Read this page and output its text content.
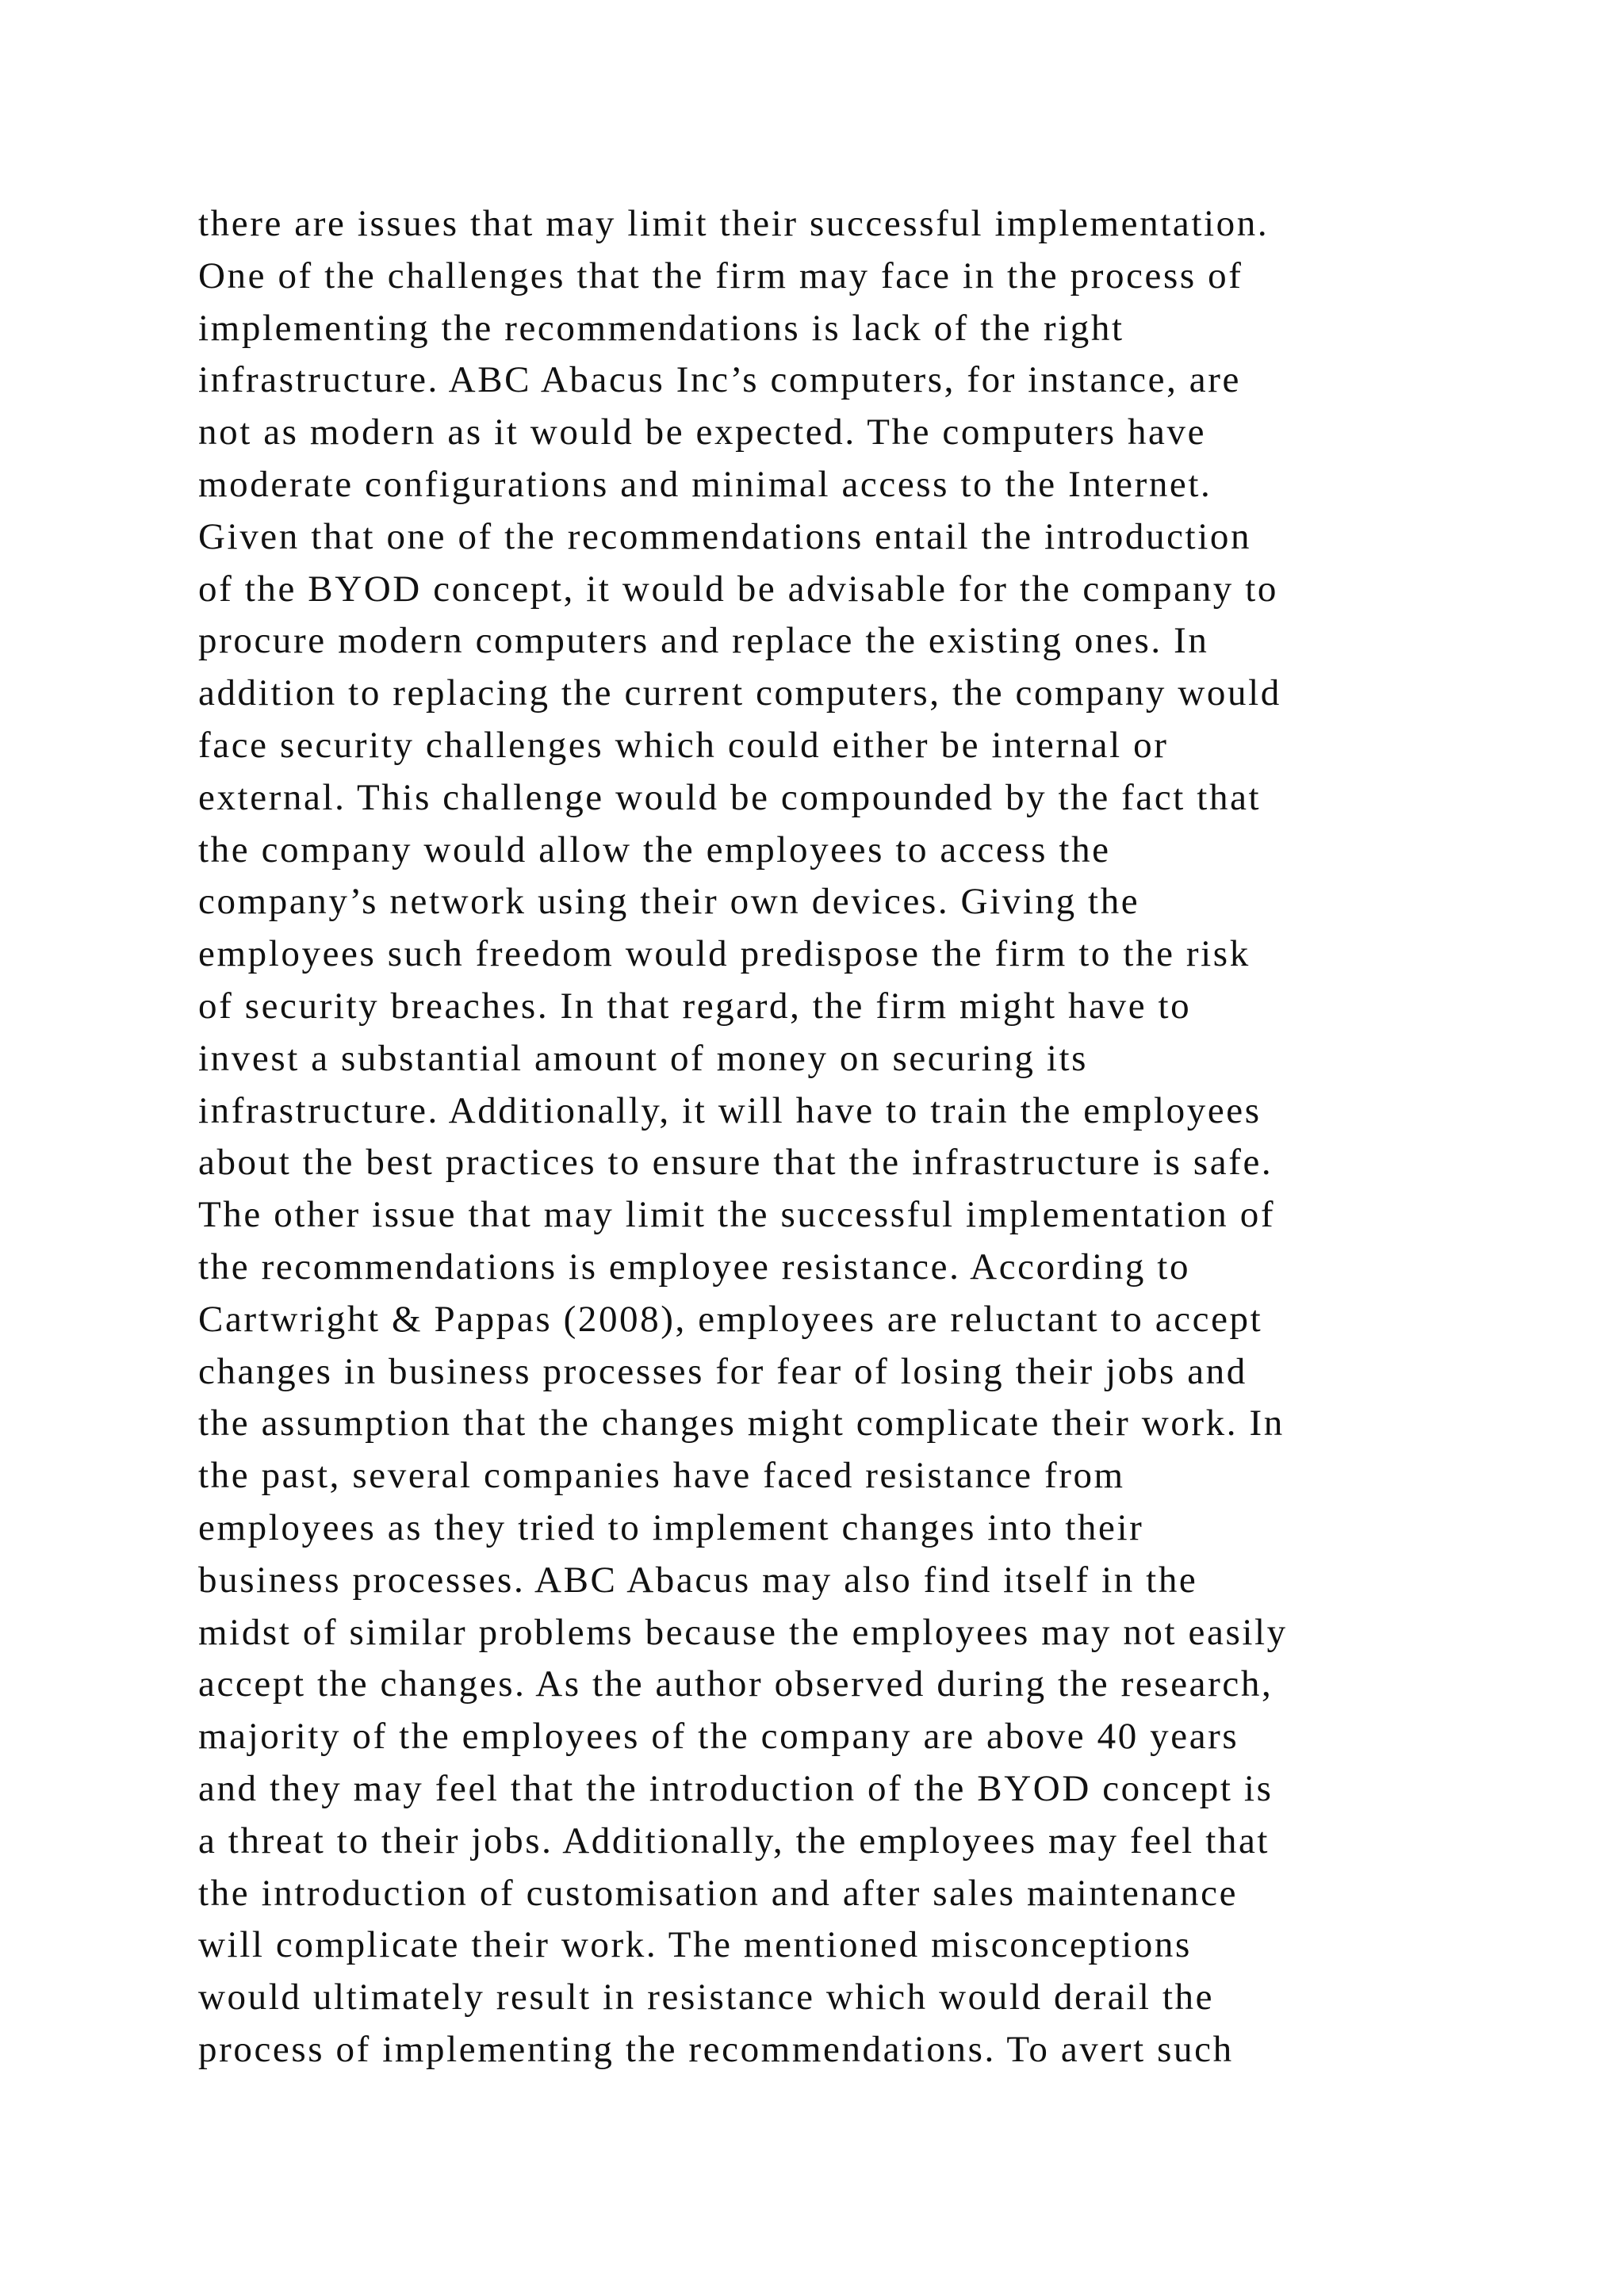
there are issues that may limit their successful implementation.
One of the challenges that the firm may face in the process of
implementing the recommendations is lack of the right
infrastructure. ABC Abacus Inc’s computers, for instance, are
not as modern as it would be expected. The computers have
moderate configurations and minimal access to the Internet.
Given that one of the recommendations entail the introduction
of the BYOD concept, it would be advisable for the company to
procure modern computers and replace the existing ones. In
addition to replacing the current computers, the company would
face security challenges which could either be internal or
external. This challenge would be compounded by the fact that
the company would allow the employees to access the
company’s network using their own devices. Giving the
employees such freedom would predispose the firm to the risk
of security breaches. In that regard, the firm might have to
invest a substantial amount of money on securing its
infrastructure. Additionally, it will have to train the employees
about the best practices to ensure that the infrastructure is safe.
The other issue that may limit the successful implementation of
the recommendations is employee resistance. According to
Cartwright & Pappas (2008), employees are reluctant to accept
changes in business processes for fear of losing their jobs and
the assumption that the changes might complicate their work. In
the past, several companies have faced resistance from
employees as they tried to implement changes into their
business processes. ABC Abacus may also find itself in the
midst of similar problems because the employees may not easily
accept the changes. As the author observed during the research,
majority of the employees of the company are above 40 years
and they may feel that the introduction of the BYOD concept is
a threat to their jobs. Additionally, the employees may feel that
the introduction of customisation and after sales maintenance
will complicate their work. The mentioned misconceptions
would ultimately result in resistance which would derail the
process of implementing the recommendations. To avert such
